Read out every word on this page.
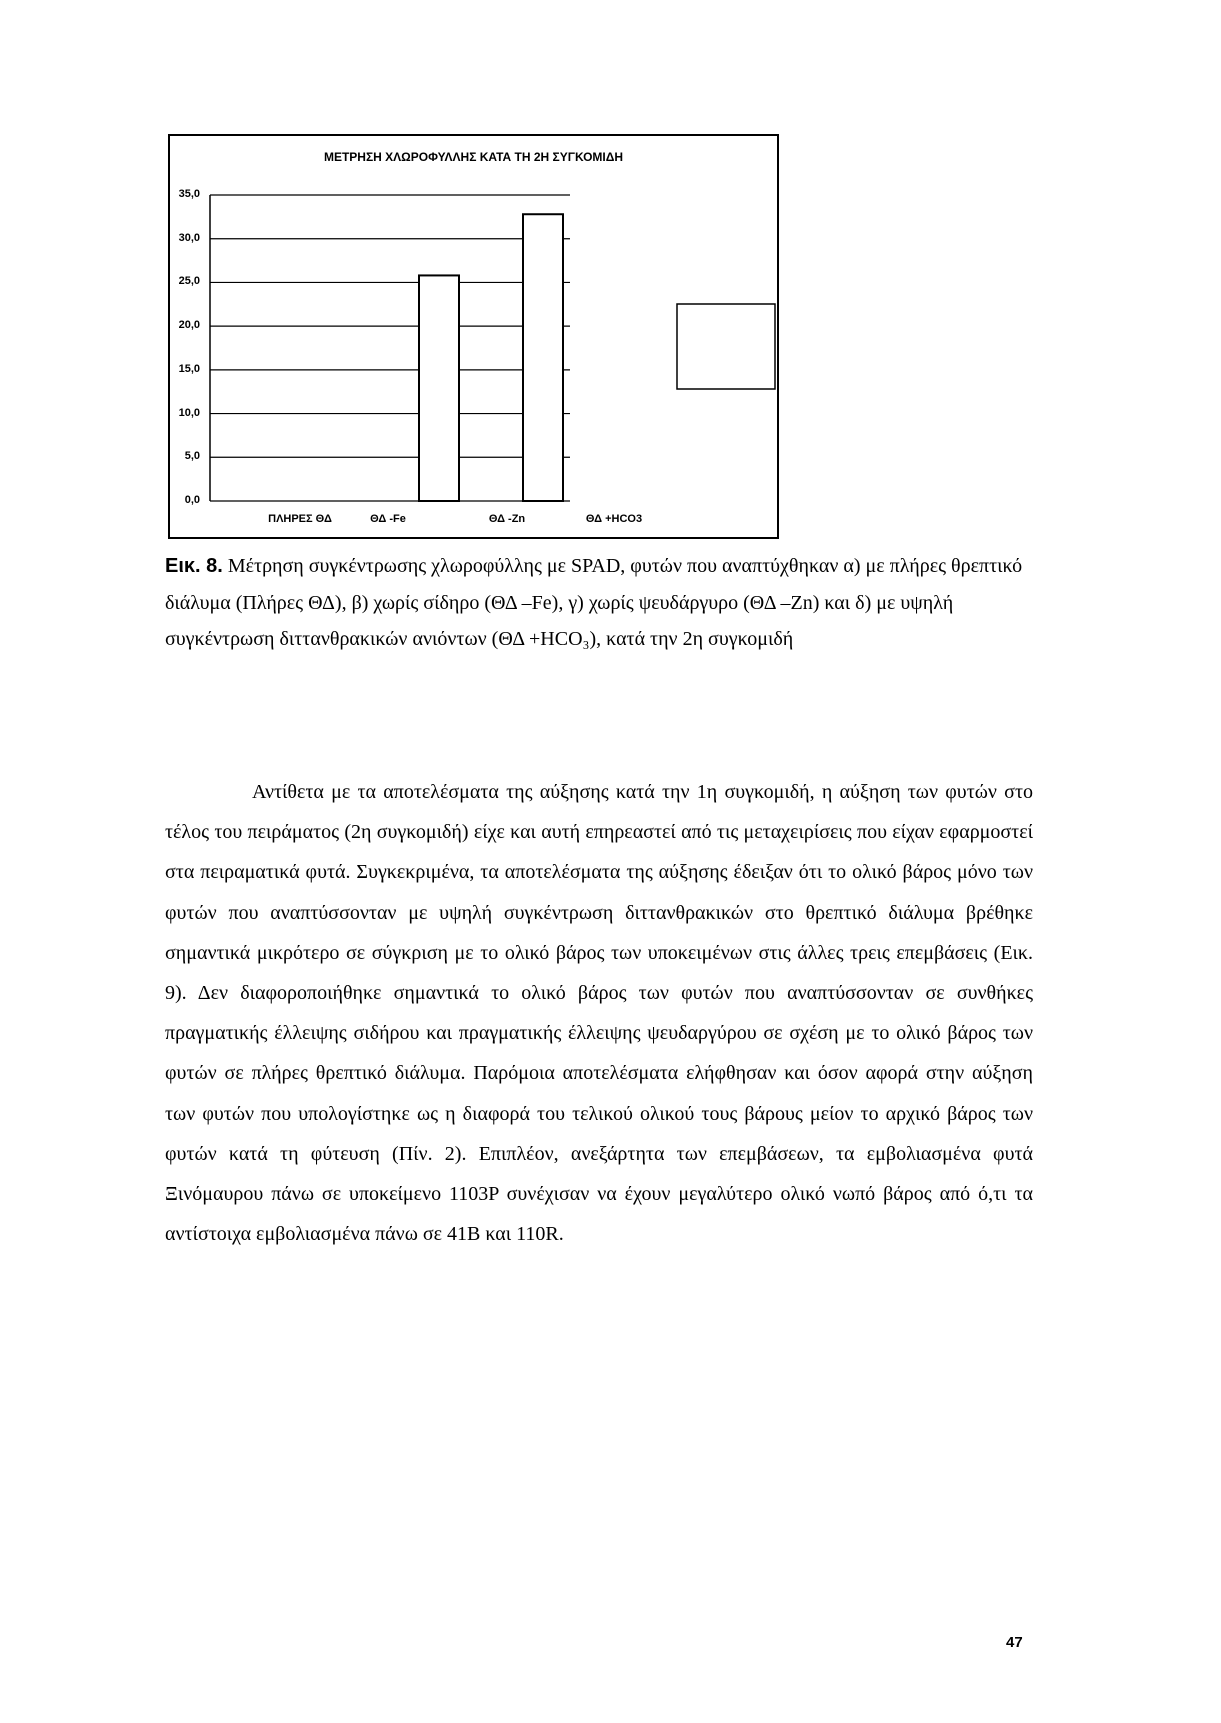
ΜΕΤΡΗΣΗ ΧΛΩΡΟΦΥΛΛΗΣ ΚΑΤΑ ΤΗ 2Η ΣΥΓΚΟΜΙΔΗ
0,0
5,0
10,0
15,0
20,0
25,0
30,0
35,0
ΠΛΗΡΕΣ ΘΔ	ΘΔ -Fe	ΘΔ -Zn	ΘΔ +HCO3
Εικ. 8. Μέτρηση συγκέντρωσης χλωροφύλλης με SPAD, φυτών που αναπτύχθηκαν α) με πλήρες θρεπτικό διάλυμα (Πλήρες ΘΔ), β) χωρίς σίδηρο (ΘΔ –Fe), γ) χωρίς ψευδάργυρο (ΘΔ –Zn) και δ) με υψηλή συγκέντρωση διττανθρακικών ανιόντων (ΘΔ +HCO₃), κατά την 2η συγκομιδή
Αντίθετα με τα αποτελέσματα της αύξησης κατά την 1η συγκομιδή, η αύξηση των φυτών στο τέλος του πειράματος (2η συγκομιδή) είχε και αυτή επηρεαστεί από τις μεταχειρίσεις που είχαν εφαρμοστεί στα πειραματικά φυτά. Συγκεκριμένα, τα αποτελέσματα της αύξησης έδειξαν ότι το ολικό βάρος μόνο των φυτών που αναπτύσσονταν με υψηλή συγκέντρωση διττανθρακικών στο θρεπτικό διάλυμα βρέθηκε σημαντικά μικρότερο σε σύγκριση με το ολικό βάρος των υποκειμένων στις άλλες τρεις επεμβάσεις (Εικ. 9). Δεν διαφοροποιήθηκε σημαντικά το ολικό βάρος των φυτών που αναπτύσσονταν σε συνθήκες πραγματικής έλλειψης σιδήρου και πραγματικής έλλειψης ψευδαργύρου σε σχέση με το ολικό βάρος των φυτών σε πλήρες θρεπτικό διάλυμα. Παρόμοια αποτελέσματα ελήφθησαν και όσον αφορά στην αύξηση των φυτών που υπολογίστηκε ως η διαφορά του τελικού ολικού τους βάρους μείον το αρχικό βάρος των φυτών κατά τη φύτευση (Πίν. 2). Επιπλέον, ανεξάρτητα των επεμβάσεων, τα εμβολιασμένα φυτά Ξινόμαυρου πάνω σε υποκείμενο 1103P συνέχισαν να έχουν μεγαλύτερο ολικό νωπό βάρος από ό,τι τα αντίστοιχα εμβολιασμένα πάνω σε 41B και 110R.
47
